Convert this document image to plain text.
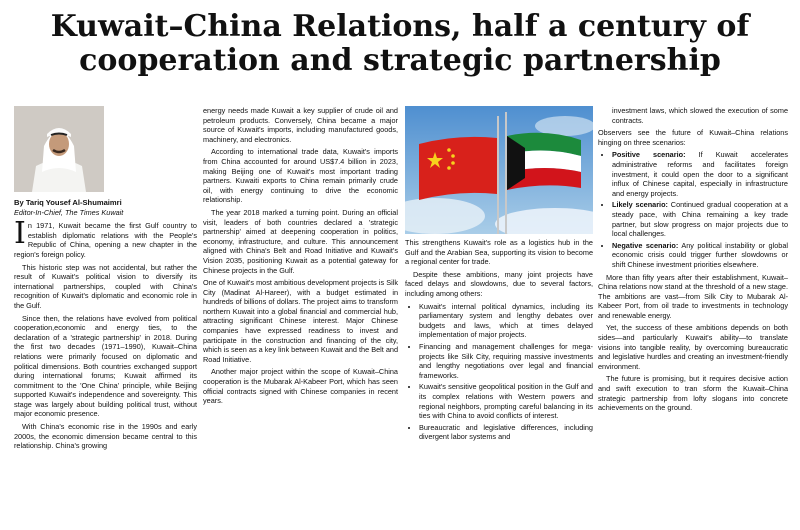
Kuwait–China Relations, half a century of cooperation and strategic partnership

By Tariq Yousef Al-Shumaimri

Editor-In-Chief, The Times Kuwait

In 1971, Kuwait became the first Gulf country to establish diplomatic relations with the People's Republic of China, opening a new chapter in the region's foreign policy.

This historic step was not accidental, but rather the result of Kuwait's political vision to diversify its international partnerships, coupled with China's recognition of Kuwait's diplomatic and economic role in the Gulf.

Since then, the relations have evolved from political cooperation,economic and energy ties, to the declaration of a 'strategic partnership' in 2018. During the first two decades (1971–1990), Kuwait–China relations were primarily focused on diplomatic and political dimensions. Both countries exchanged support during international forums; Kuwait affirmed its commitment to the 'One China' principle, while Beijing supported Kuwait's independence and sovereignty. This stage was largely about building political trust, without major economic presence.

With China's economic rise in the 1990s and early 2000s, the economic dimension became central to this relationship. China's growing

energy needs made Kuwait a key supplier of crude oil and petroleum products. Conversely, China became a major source of Kuwait's imports, including manufactured goods, machinery, and electronics.

According to international trade data, Kuwait's imports from China accounted for around US$7.4 billion in 2023, making Beijing one of Kuwait's most important trading partners. Kuwaiti exports to China remain primarily crude oil, with energy continuing to drive the economic relationship.

The year 2018 marked a turning point. During an official visit, leaders of both countries declared a 'strategic partnership' aimed at deepening cooperation in politics, economy, infrastructure, and culture. This announcement aligned with China's Belt and Road Initiative and Kuwait's Vision 2035, positioning Kuwait as a potential gateway for Chinese projects in the Gulf.

One of Kuwait's most ambitious development projects is Silk City (Madinat Al-Hareer), with a budget estimated in hundreds of billions of dollars. The project aims to transform northern Kuwait into a global financial and commercial hub, attracting significant Chinese interest. Major Chinese companies have expressed readiness to invest and participate in the construction and financing of the city, which is seen as a key link between Kuwait and the Belt and Road Initiative.

Another major project within the scope of Kuwait–China cooperation is the Mubarak Al-Kabeer Port, which has seen official contracts signed with Chinese companies in recent years.

This strengthens Kuwait's role as a logistics hub in the Gulf and the Arabian Sea, supporting its vision to become a regional center for trade.

Despite these ambitions, many joint projects have faced delays and slowdowns, due to several factors, including among others:

• Kuwait's internal political dynamics, including its parliamentary system and lengthy debates over budgets and laws, which at times delayed implementation of major projects.
• Financing and management challenges for mega-projects like Silk City, requiring massive investments and lengthy negotiations over legal and financial frameworks.
• Kuwait's sensitive geopolitical position in the Gulf and its complex relations with Western powers and regional neighbors, prompting careful balancing in its ties with China to avoid conflicts of interest.
• Bureaucratic and legislative differences, including divergent labor systems and

investment laws, which slowed the execution of some contracts.

Observers see the future of Kuwait–China relations hinging on three scenarios:

• Positive scenario: If Kuwait accelerates administrative reforms and facilitates foreign investment, it could open the door to a significant influx of Chinese capital, especially in infrastructure and energy projects.
• Likely scenario: Continued gradual cooperation at a steady pace, with China remaining a key trade partner, but slow progress on major projects due to local challenges.
• Negative scenario: Any political instability or global economic crisis could trigger further slowdowns or shift Chinese investment priorities elsewhere.

More than fifty years after their establishment, Kuwait–China relations now stand at the threshold of a new stage. The ambitions are vast—from Silk City to Mubarak Al-Kabeer Port, from oil trade to investments in technology and renewable energy.

Yet, the success of these ambitions depends on both sides—and particularly Kuwait's ability—to translate visions into tangible reality, by overcoming bureaucratic and legislative hurdles and creating an investment-friendly environment.

The future is promising, but it requires decisive action and swift execution to tran sform the Kuwait–China strategic partnership from lofty slogans into concrete achievements on the ground.
